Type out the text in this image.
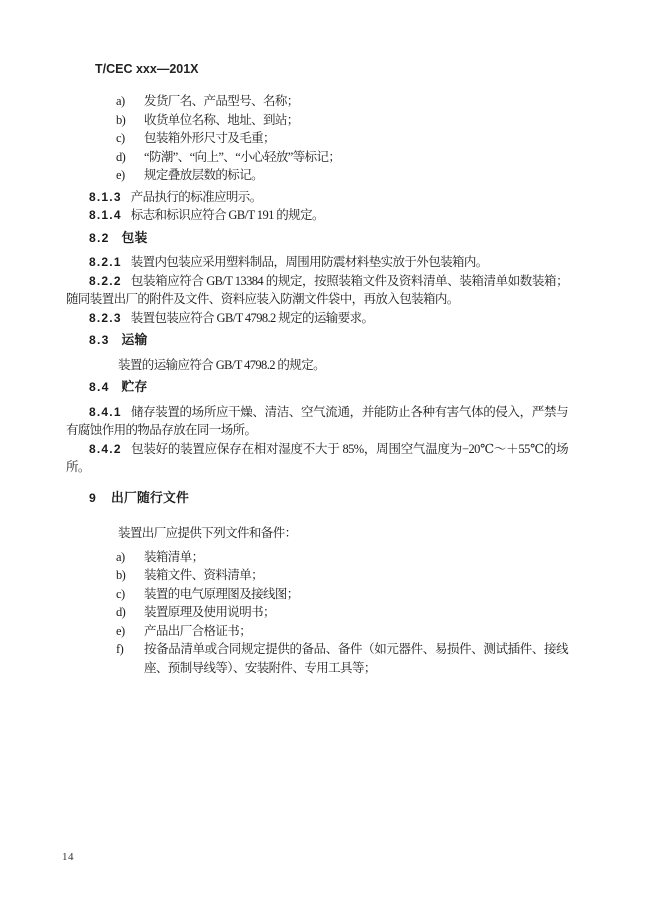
T/CEC xxx—201X
a) 发货厂名、产品型号、名称；
b) 收货单位名称、地址、到站；
c) 包装箱外形尺寸及毛重；
d) “防潮”、“向上”、“小心轻放”等标记；
e) 规定叠放层数的标记。
8.1.3 产品执行的标准应明示。
8.1.4 标志和标识应符合 GB/T 191 的规定。
8.2 包装
8.2.1 装置内包装应采用塑料制品，周围用防震材料垫实放于外包装箱内。
8.2.2 包装箱应符合 GB/T 13384 的规定，按照装箱文件及资料清单、装箱清单如数装箱；随同装置出厂的附件及文件、资料应装入防潮文件袋中，再放入包装箱内。
8.2.3 装置包装应符合 GB/T 4798.2 规定的运输要求。
8.3 运输
装置的运输应符合 GB/T 4798.2 的规定。
8.4 贮存
8.4.1 储存装置的场所应干燥、清洁、空气流通，并能防止各种有害气体的侵入，严禁与有腐蚀作用的物品存放在同一场所。
8.4.2 包装好的装置应保存在相对湿度不大于 85%，周围空气温度为−20℃～＋55℃的场所。
9 出厂随行文件
装置出厂应提供下列文件和备件：
a) 装箱清单；
b) 装箱文件、资料清单；
c) 装置的电气原理图及接线图；
d) 装置原理及使用说明书；
e) 产品出厂合格证书；
f) 按备品清单或合同规定提供的备品、备件（如元器件、易损件、测试插件、接线座、预制导线等）、安装附件、专用工具等；
14
